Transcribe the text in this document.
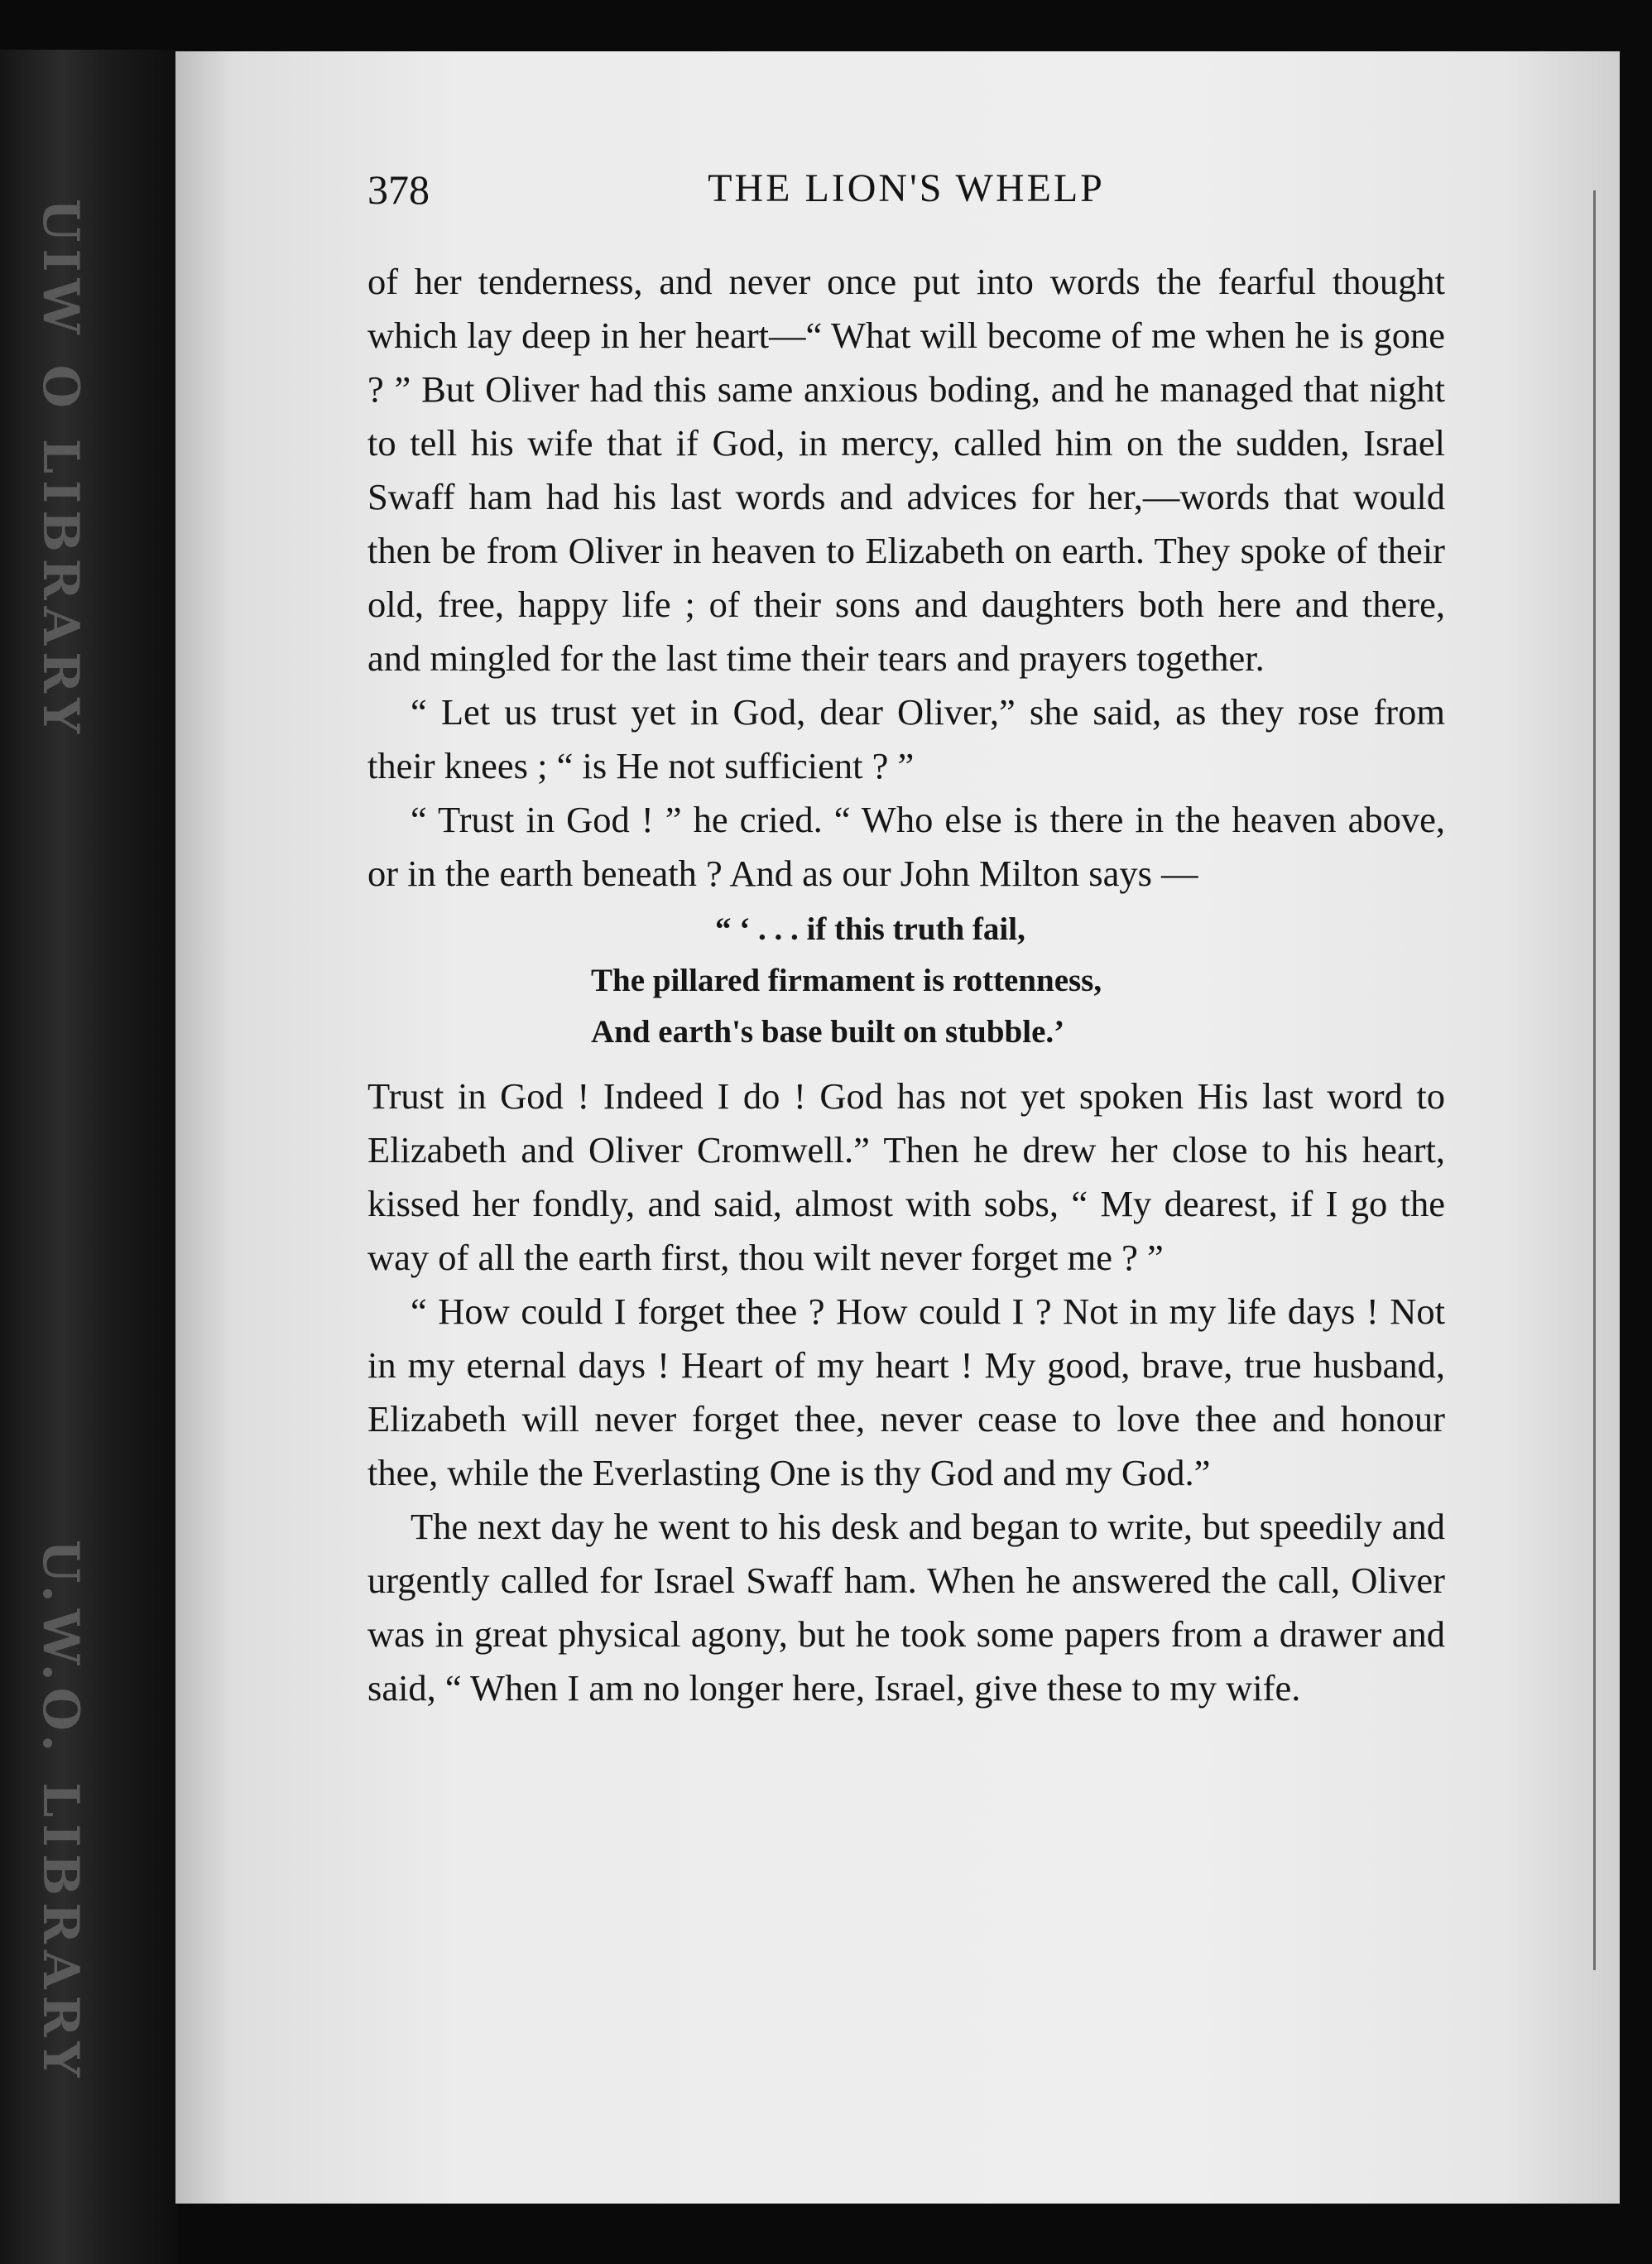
UIW O LIBRARY
U.W.O. LIBRARY
378	THE LION'S WHELP

of her tenderness, and never once put into words the fearful thought which lay deep in her heart—“ What will become of me when he is gone ? ” But Oliver had this same anxious boding, and he managed that night to tell his wife that if God, in mercy, called him on the sudden, Israel Swaff ham had his last words and advices for her,—words that would then be from Oliver in heaven to Elizabeth on earth. They spoke of their old, free, happy life ; of their sons and daughters both here and there, and mingled for the last time their tears and prayers together.

“ Let us trust yet in God, dear Oliver,” she said, as they rose from their knees ; “ is He not sufficient ? ”

“ Trust in God ! ” he cried. “ Who else is there in the heaven above, or in the earth beneath ? And as our John Milton says —

“ ‘ . . . if this truth fail,
The pillared firmament is rottenness,
And earth's base built on stubble.’

Trust in God ! Indeed I do ! God has not yet spoken His last word to Elizabeth and Oliver Cromwell.” Then he drew her close to his heart, kissed her fondly, and said, almost with sobs, “ My dearest, if I go the way of all the earth first, thou wilt never forget me ? ”

“ How could I forget thee ? How could I ? Not in my life days ! Not in my eternal days ! Heart of my heart ! My good, brave, true husband, Elizabeth will never forget thee, never cease to love thee and honour thee, while the Everlasting One is thy God and my God.”

The next day he went to his desk and began to write, but speedily and urgently called for Israel Swaff ham. When he answered the call, Oliver was in great physical agony, but he took some papers from a drawer and said, “ When I am no longer here, Israel, give these to my wife.
